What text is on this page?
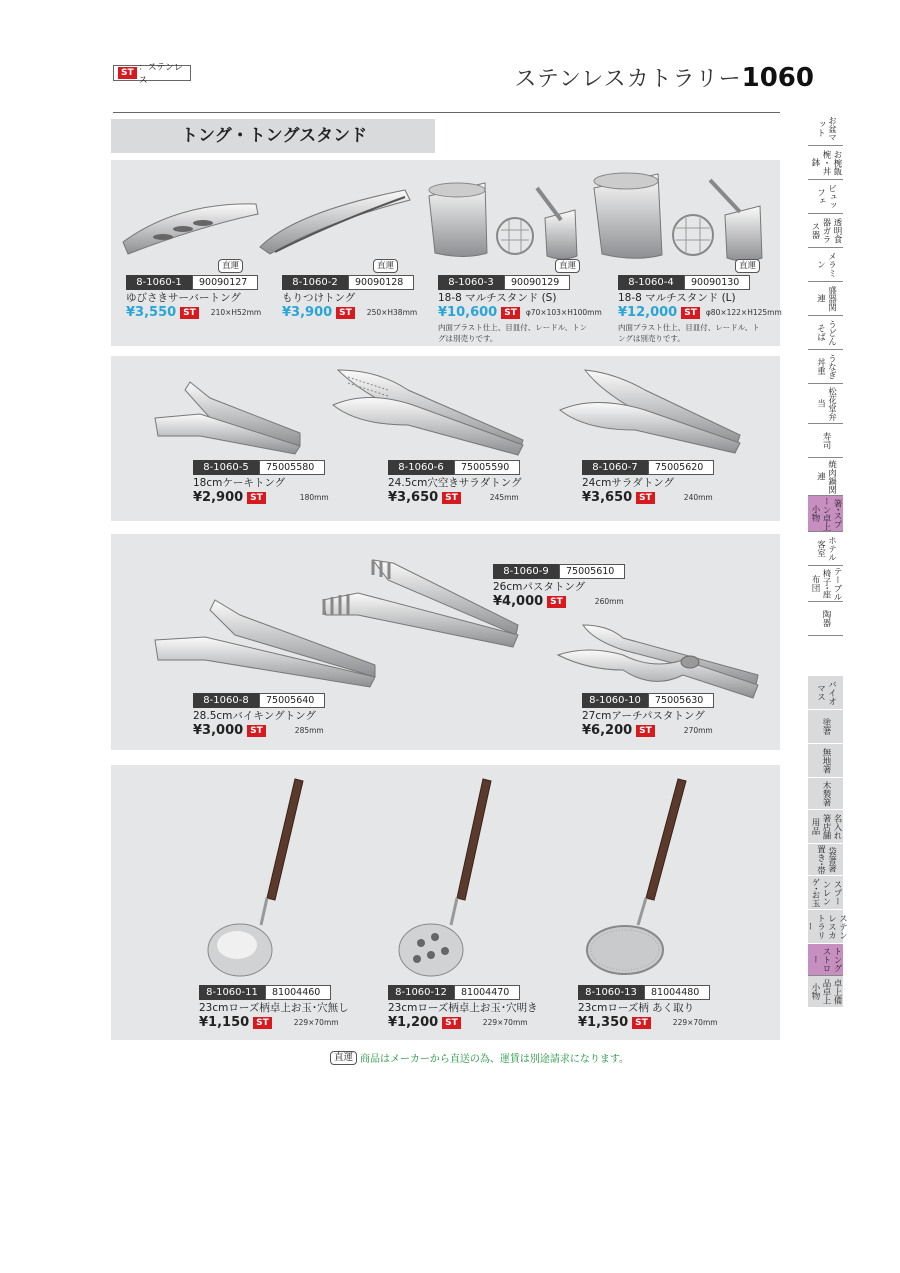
ST ：ステンレス	ステンレスカトラリー1060
トング・トングスタンド
直運	直運	直運	直運
8-1060-1	90090127
ゆびさきサーバートング
¥3,550 ST	210×H52mm
8-1060-2	90090128
もりつけトング
¥3,900 ST	250×H38mm
8-1060-3	90090129
18-8 マルチスタンド (S)
¥10,600 ST	φ70×103×H100mm
内面ブラスト仕上、目皿付、レードル、トングは別売りです。
8-1060-4	90090130
18-8 マルチスタンド (L)
¥12,000 ST	φ80×122×H125mm
内面ブラスト仕上、目皿付、レードル、トングは別売りです。
8-1060-5	75005580
18cmケーキトング
¥2,900 ST	180mm
8-1060-6	75005590
24.5cm穴空きサラダトング
¥3,650 ST	245mm
8-1060-7	75005620
24cmサラダトング
¥3,650 ST	240mm
8-1060-9	75005610
26cmパスタトング
¥4,000 ST	260mm
8-1060-8	75005640
28.5cmバイキングトング
¥3,000 ST	285mm
8-1060-10	75005630
27cmアーチパスタトング
¥6,200 ST	270mm
8-1060-11	81004460
23cmローズ柄卓上お玉･穴無し
¥1,150 ST	229×70mm
8-1060-12	81004470
23cmローズ柄卓上お玉･穴明き
¥1,200 ST	229×70mm
8-1060-13	81004480
23cmローズ柄 あく取り
¥1,350 ST	229×70mm
お盆マット
お椀飯椀・丼鉢
ビュッフェ
透明食器ガラス器
メラミン
盛器関連
うどんそば
うなぎ丼重
松花堂弁当
寿司
焼肉鍋関連
箸･スプーン卓上小物
ホテル客室
テーブル椅子･座布団
陶器
バイオマス
塗箸
無地箸
木製箸
名入れ箸店舗用品
袋箸箸置き･帯
スプーンレンゲ･お玉
ステンレスカトラリー
トングストロー
卓上備品卓上小物
直運 商品はメーカーから直送の為、運賃は別途請求になります。
